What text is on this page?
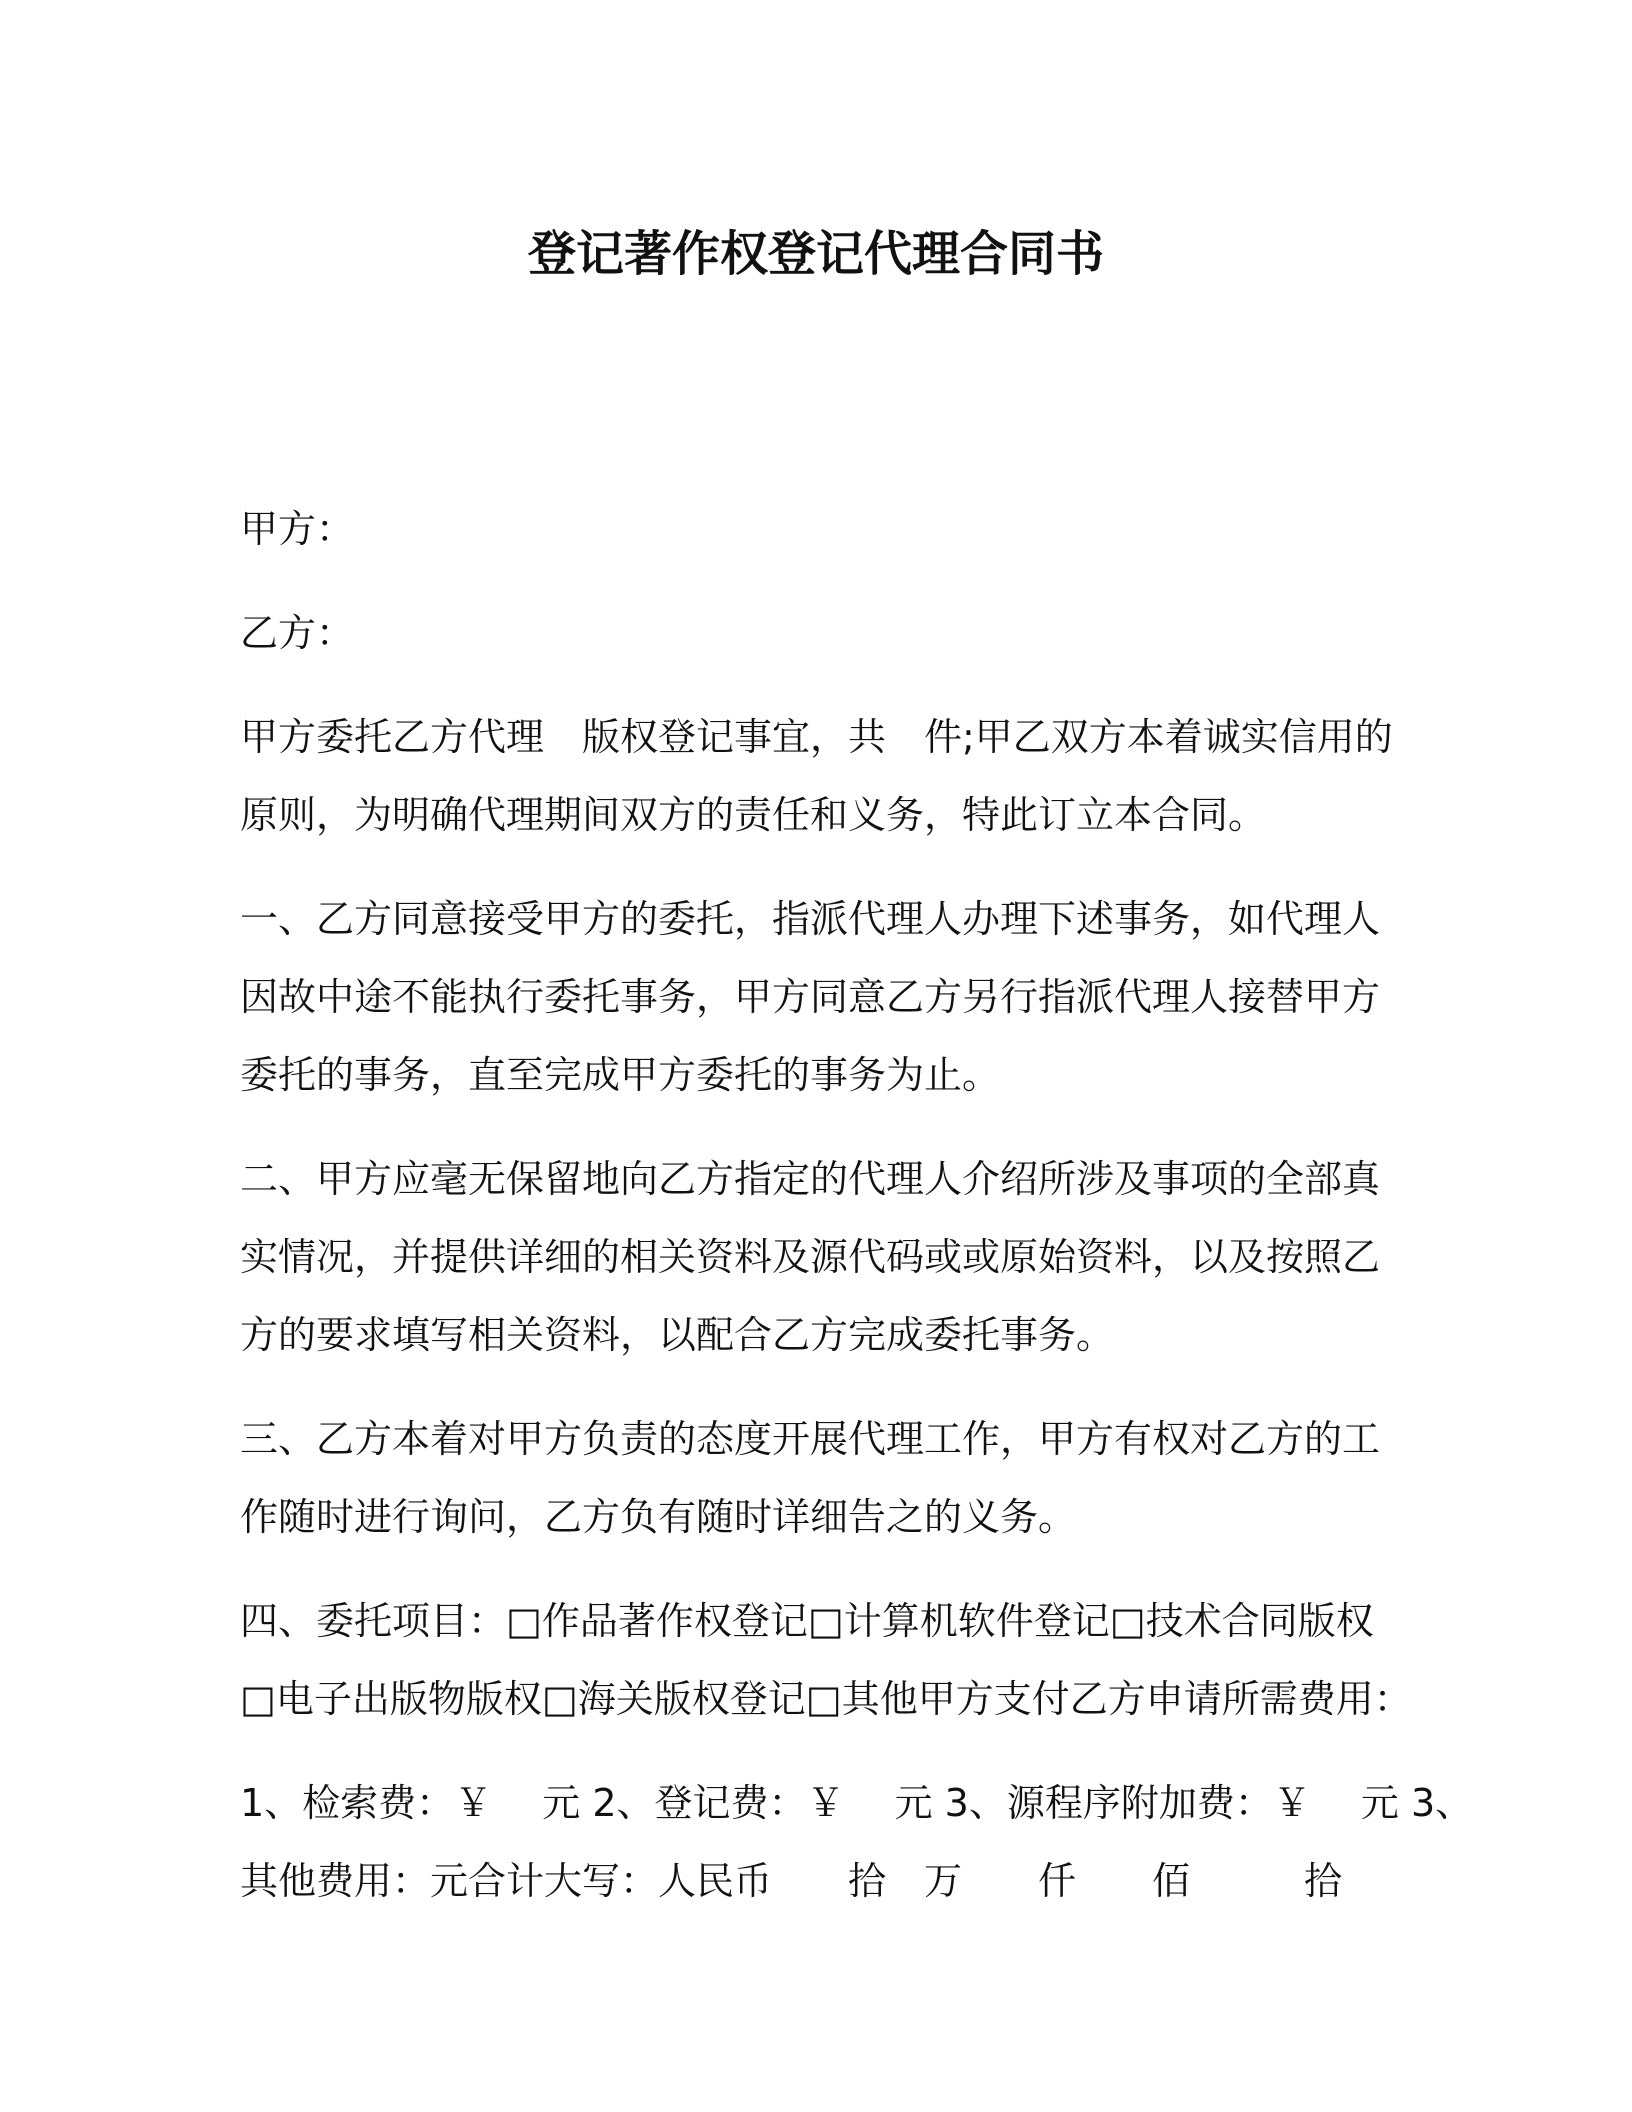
登记著作权登记代理合同书

甲方：

乙方：

甲方委托乙方代理　版权登记事宜，共　件;甲乙双方本着诚实信用的
原则，为明确代理期间双方的责任和义务，特此订立本合同。
一、乙方同意接受甲方的委托，指派代理人办理下述事务，如代理人
因故中途不能执行委托事务，甲方同意乙方另行指派代理人接替甲方
委托的事务，直至完成甲方委托的事务为止。
二、甲方应毫无保留地向乙方指定的代理人介绍所涉及事项的全部真
实情况，并提供详细的相关资料及源代码或或原始资料，以及按照乙
方的要求填写相关资料，以配合乙方完成委托事务。
三、乙方本着对甲方负责的态度开展代理工作，甲方有权对乙方的工
作随时进行询问，乙方负有随时详细告之的义务。
四、委托项目：□作品著作权登记□计算机软件登记□技术合同版权
□电子出版物版权□海关版权登记□其他甲方支付乙方申请所需费用：
1、检索费：￥　 元 2、登记费：￥　 元 3、源程序附加费：￥　 元 3、
其他费用：元合计大写：人民币　　拾　万　　仟　　佰　　　拾
